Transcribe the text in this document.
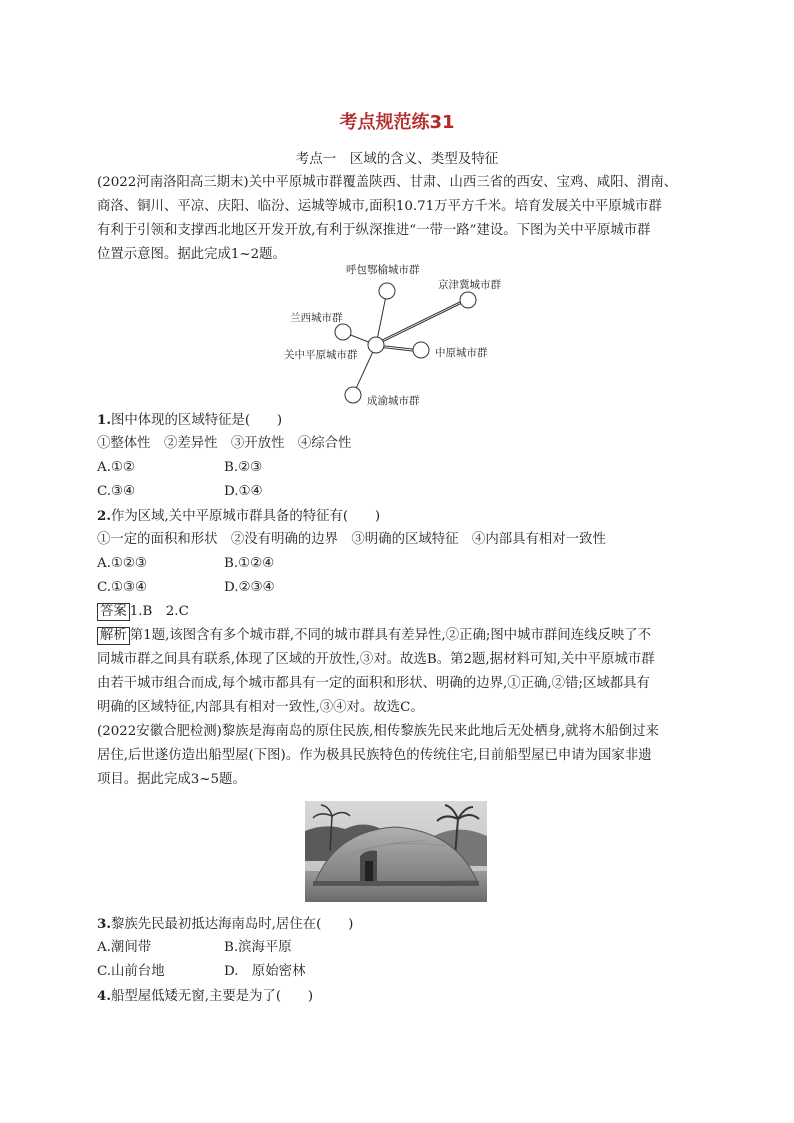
考点规范练31
考点一　区域的含义、类型及特征
(2022河南洛阳高三期末)关中平原城市群覆盖陕西、甘肃、山西三省的西安、宝鸡、咸阳、渭南、
商洛、铜川、平凉、庆阳、临汾、运城等城市,面积10.71万平方千米。培育发展关中平原城市群
有利于引领和支撑西北地区开发开放,有利于纵深推进“一带一路”建设。下图为关中平原城市群
位置示意图。据此完成1~2题。
关中平原城市群
呼包鄂榆城市群
京津冀城市群
兰西城市群
中原城市群
成渝城市群
1.图中体现的区域特征是(　　)
①整体性　②差异性　③开放性　④综合性
A.①②	B.②③
C.③④	D.①④
2.作为区域,关中平原城市群具备的特征有(　　)
①一定的面积和形状　②没有明确的边界　③明确的区域特征　④内部具有相对一致性
A.①②③	B.①②④
C.①③④	D.②③④
答案 1.B　2.C
解析 第1题,该图含有多个城市群,不同的城市群具有差异性,②正确;图中城市群间连线反映了不
同城市群之间具有联系,体现了区域的开放性,③对。故选B。第2题,据材料可知,关中平原城市群
由若干城市组合而成,每个城市都具有一定的面积和形状、明确的边界,①正确,②错;区域都具有
明确的区域特征,内部具有相对一致性,③④对。故选C。
(2022安徽合肥检测)黎族是海南岛的原住民族,相传黎族先民来此地后无处栖身,就将木船倒过来
居住,后世遂仿造出船型屋(下图)。作为极具民族特色的传统住宅,目前船型屋已申请为国家非遗
项目。据此完成3~5题。
3.黎族先民最初抵达海南岛时,居住在(　　)
A.潮间带	B.滨海平原
C.山前台地	D.　原始密林
4.船型屋低矮无窗,主要是为了(　　)
